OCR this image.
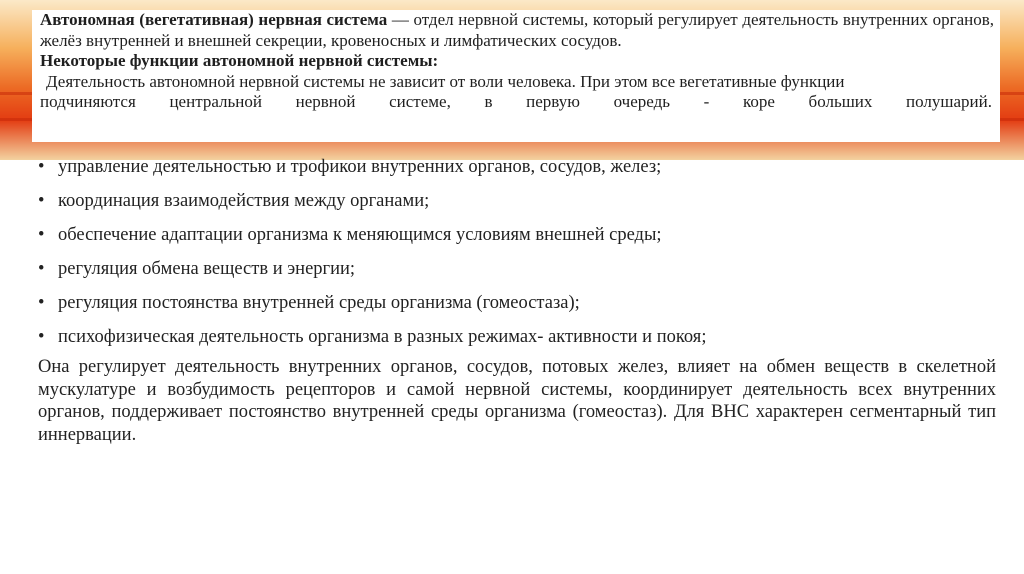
Автономная (вегетативная) нервная система — отдел нервной системы, который регулирует деятельность внутренних органов, желёз внутренней и внешней секреции, кровеносных и лимфатических сосудов.

Некоторые функции автономной нервной системы:

Деятельность автономной нервной системы не зависит от воли человека. При этом все вегетативные функции
подчиняются центральной нервной системе, в первую очередь - коре больших полушарий.

• управление деятельностью и трофикои внутренних органов, сосудов, желез;
• координация взаимодействия между органами;
• обеспечение адаптации организма к меняющимся условиям внешней среды;
• регуляция обмена веществ и энергии;
• регуляция постоянства внутренней среды организма (гомеостаза);
• психофизическая деятельность организма в разных режимах- активности и покоя;

Она регулирует деятельность внутренних органов, сосудов, потовых желез, влияет на обмен веществ в скелетной мускулатуре и возбудимость рецепторов и самой нервной системы, координирует деятельность всех внутренних органов, поддерживает постоянство внутренней среды организма (гомеостаз). Для ВНС характерен сегментарный тип иннервации.
